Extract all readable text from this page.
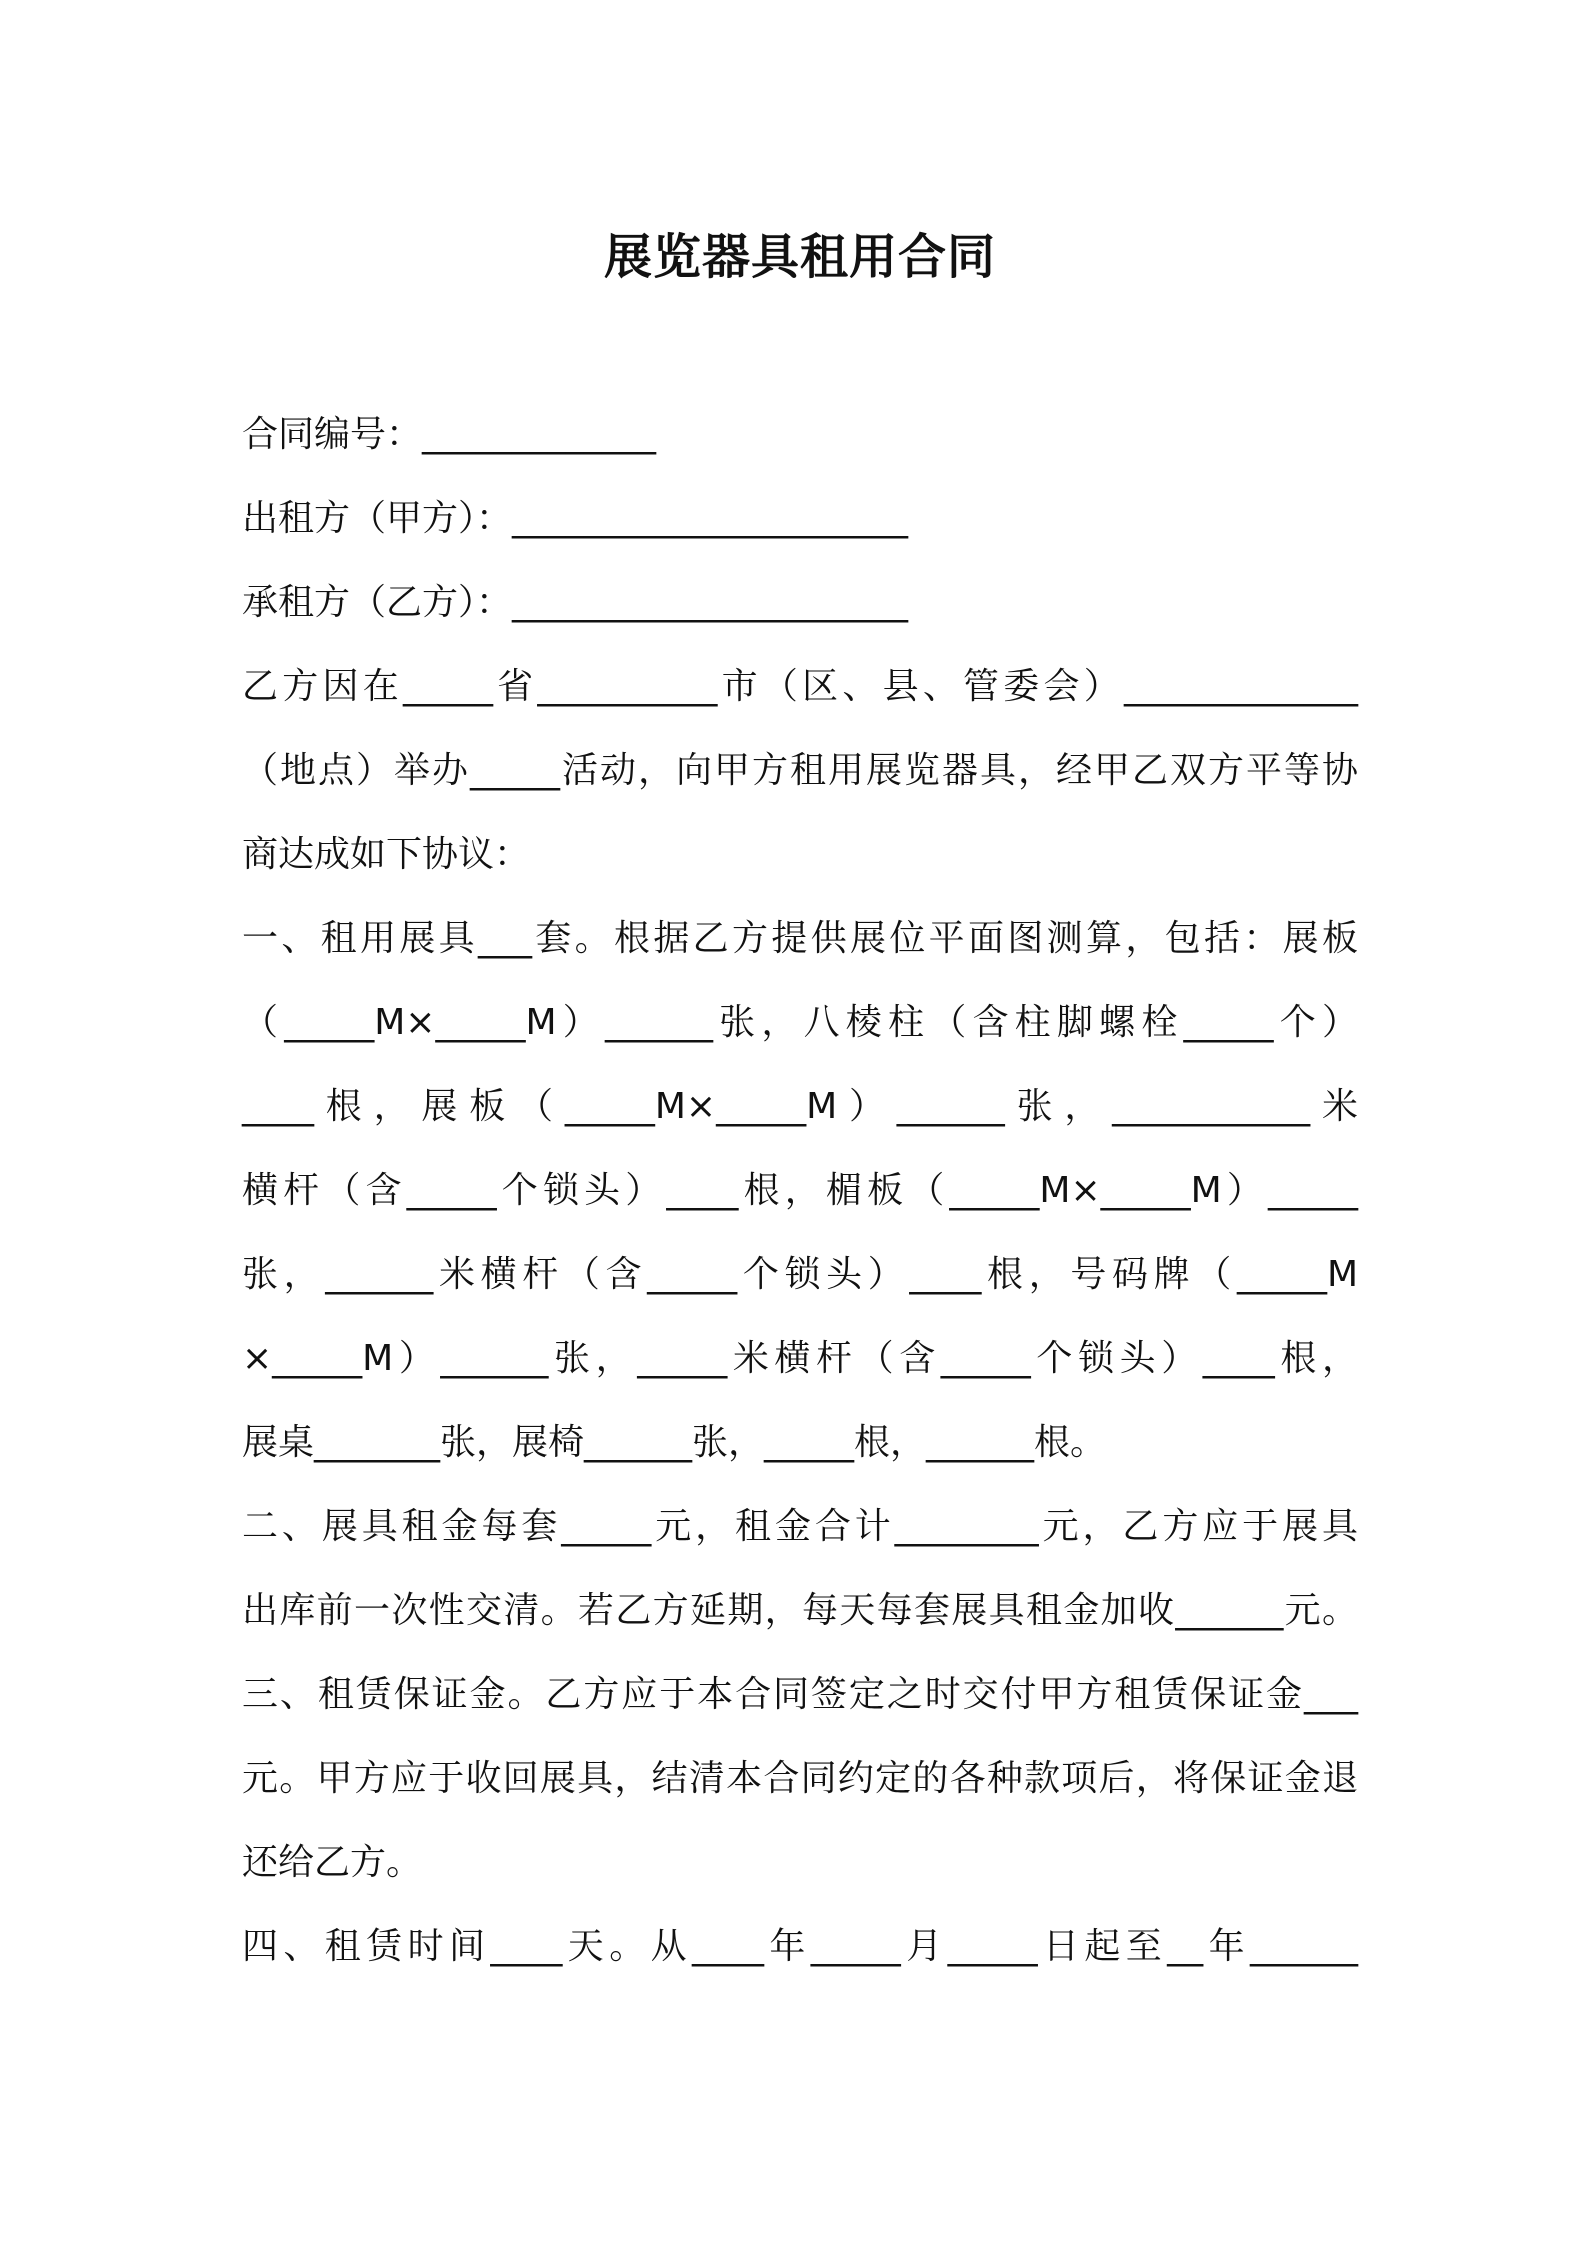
展览器具租用合同
合同编号：_____________
出租方（甲方）：______________________
承租方（乙方）：______________________
乙方因在_____省__________市（区、县、管委会）_____________
（地点）举办_____活动，向甲方租用展览器具，经甲乙双方平等协
商达成如下协议：
一、租用展具___套。根据乙方提供展位平面图测算，包括：展板
（_____M×_____M）______张，八棱柱（含柱脚螺栓_____个）
____根，展板（_____M×_____M）______张，___________米
横杆（含_____个锁头）____根，楣板（_____M×_____M）_____
张，______米横杆（含_____个锁头）____根，号码牌（_____M
×_____M）______张，_____米横杆（含_____个锁头）____根，
展桌_______张，展椅______张，_____根，______根。
二、展具租金每套_____元，租金合计________元，乙方应于展具
出库前一次性交清。若乙方延期，每天每套展具租金加收______元。
三、租赁保证金。乙方应于本合同签定之时交付甲方租赁保证金___
元。甲方应于收回展具，结清本合同约定的各种款项后，将保证金退
还给乙方。
四、租赁时间____天。从____年_____月_____日起至__年______
